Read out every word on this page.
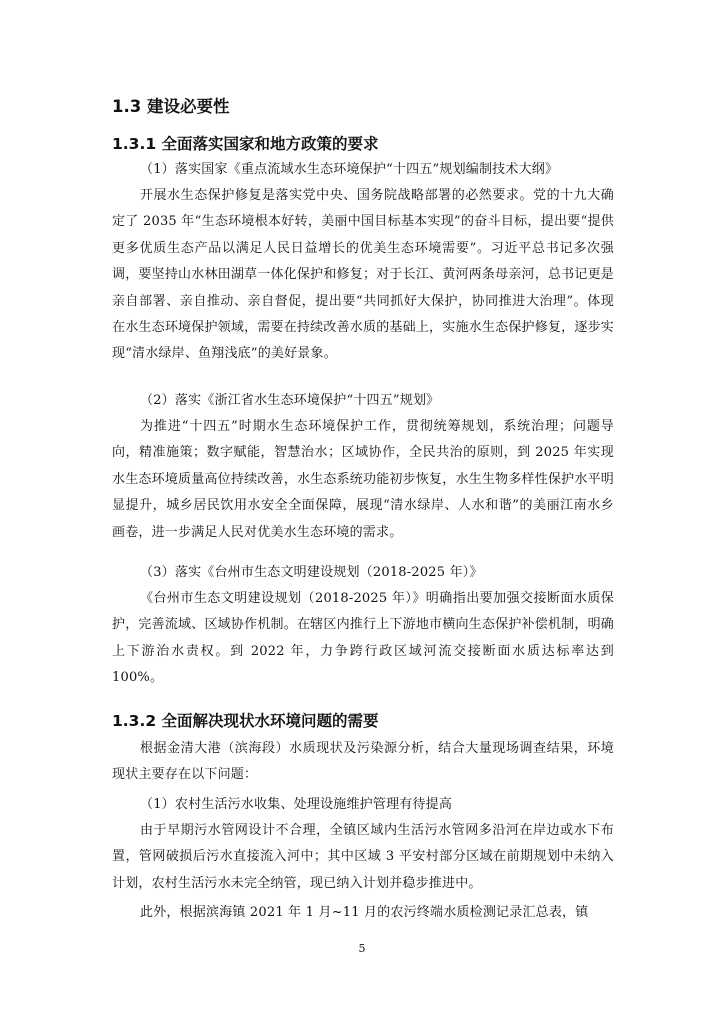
1.3 建设必要性
1.3.1 全面落实国家和地方政策的要求

（1）落实国家《重点流域水生态环境保护“十四五”规划编制技术大纲》

开展水生态保护修复是落实党中央、国务院战略部署的必然要求。党的十九大确定了 2035 年“生态环境根本好转，美丽中国目标基本实现”的奋斗目标，提出要“提供更多优质生态产品以满足人民日益增长的优美生态环境需要”。习近平总书记多次强调，要坚持山水林田湖草一体化保护和修复；对于长江、黄河两条母亲河，总书记更是亲自部署、亲自推动、亲自督促，提出要“共同抓好大保护，协同推进大治理”。体现在水生态环境保护领域，需要在持续改善水质的基础上，实施水生态保护修复，逐步实现“清水绿岸、鱼翔浅底”的美好景象。

（2）落实《浙江省水生态环境保护“十四五”规划》

为推进“十四五”时期水生态环境保护工作，贯彻统筹规划，系统治理；问题导向，精准施策；数字赋能，智慧治水；区域协作，全民共治的原则，到 2025 年实现水生态环境质量高位持续改善，水生态系统功能初步恢复，水生生物多样性保护水平明显提升，城乡居民饮用水安全全面保障，展现“清水绿岸、人水和谐”的美丽江南水乡画卷，进一步满足人民对优美水生态环境的需求。

（3）落实《台州市生态文明建设规划（2018-2025 年）》

《台州市生态文明建设规划（2018-2025 年）》明确指出要加强交接断面水质保护，完善流域、区域协作机制。在辖区内推行上下游地市横向生态保护补偿机制，明确上下游治水责权。到 2022 年，力争跨行政区域河流交接断面水质达标率达到 100%。

1.3.2 全面解决现状水环境问题的需要

根据金清大港（滨海段）水质现状及污染源分析，结合大量现场调查结果，环境现状主要存在以下问题：

（1）农村生活污水收集、处理设施维护管理有待提高

由于早期污水管网设计不合理，全镇区域内生活污水管网多沿河在岸边或水下布置，管网破损后污水直接流入河中；其中区域 3 平安村部分区域在前期规划中未纳入计划，农村生活污水未完全纳管，现已纳入计划并稳步推进中。

此外，根据滨海镇 2021 年 1 月~11 月的农污终端水质检测记录汇总表，镇

5
